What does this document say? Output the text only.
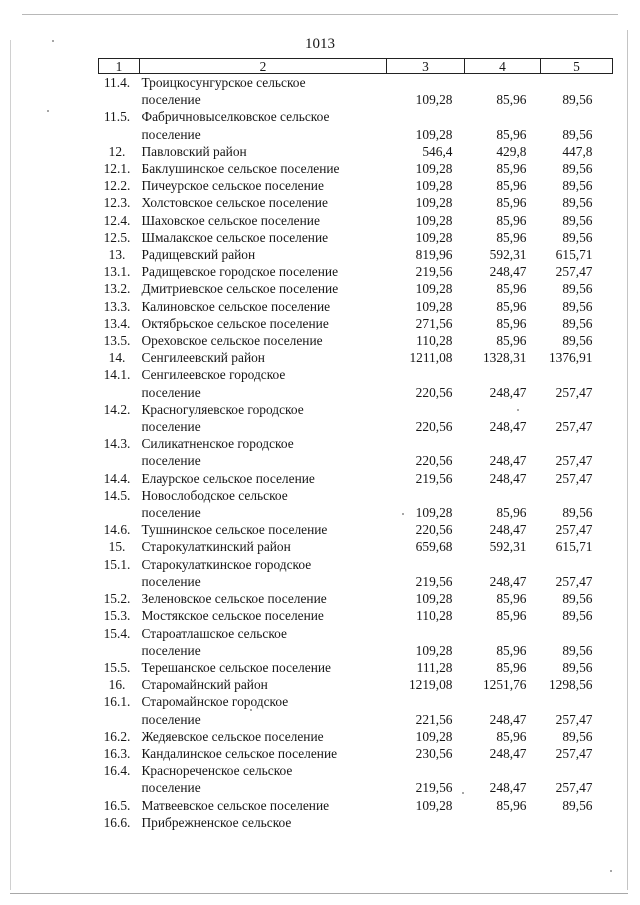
1013
1	2	3	4	5
11.4.	Троицкосунгурское сельское
поселение	109,28	85,96	89,56
11.5.	Фабричновыселковское сельское
поселение	109,28	85,96	89,56
12.	Павловский район	546,4	429,8	447,8
12.1.	Баклушинское сельское поселение	109,28	85,96	89,56
12.2.	Пичеурское сельское поселение	109,28	85,96	89,56
12.3.	Холстовское сельское поселение	109,28	85,96	89,56
12.4.	Шаховское сельское поселение	109,28	85,96	89,56
12.5.	Шмалакское сельское поселение	109,28	85,96	89,56
13.	Радищевский район	819,96	592,31	615,71
13.1.	Радищевское городское поселение	219,56	248,47	257,47
13.2.	Дмитриевское сельское поселение	109,28	85,96	89,56
13.3.	Калиновское сельское поселение	109,28	85,96	89,56
13.4.	Октябрьское сельское поселение	271,56	85,96	89,56
13.5.	Ореховское сельское поселение	110,28	85,96	89,56
14.	Сенгилеевский район	1211,08	1328,31	1376,91
14.1.	Сенгилеевское городское
поселение	220,56	248,47	257,47
14.2.	Красногуляевское городское
поселение	220,56	248,47	257,47
14.3.	Силикатненское городское
поселение	220,56	248,47	257,47
14.4.	Елаурское сельское поселение	219,56	248,47	257,47
14.5.	Новослободское сельское
поселение	109,28	85,96	89,56
14.6.	Тушнинское сельское поселение	220,56	248,47	257,47
15.	Старокулаткинский район	659,68	592,31	615,71
15.1.	Старокулаткинское городское
поселение	219,56	248,47	257,47
15.2.	Зеленовское сельское поселение	109,28	85,96	89,56
15.3.	Мостякское сельское поселение	110,28	85,96	89,56
15.4.	Староатлашское сельское
поселение	109,28	85,96	89,56
15.5.	Терешанское сельское поселение	111,28	85,96	89,56
16.	Старомайнский район	1219,08	1251,76	1298,56
16.1.	Старомайнское городское
поселение	221,56	248,47	257,47
16.2.	Жедяевское сельское поселение	109,28	85,96	89,56
16.3.	Кандалинское сельское поселение	230,56	248,47	257,47
16.4.	Краснореченское сельское
поселение	219,56	248,47	257,47
16.5.	Матвеевское сельское поселение	109,28	85,96	89,56
16.6.	Прибрежненское сельское			
